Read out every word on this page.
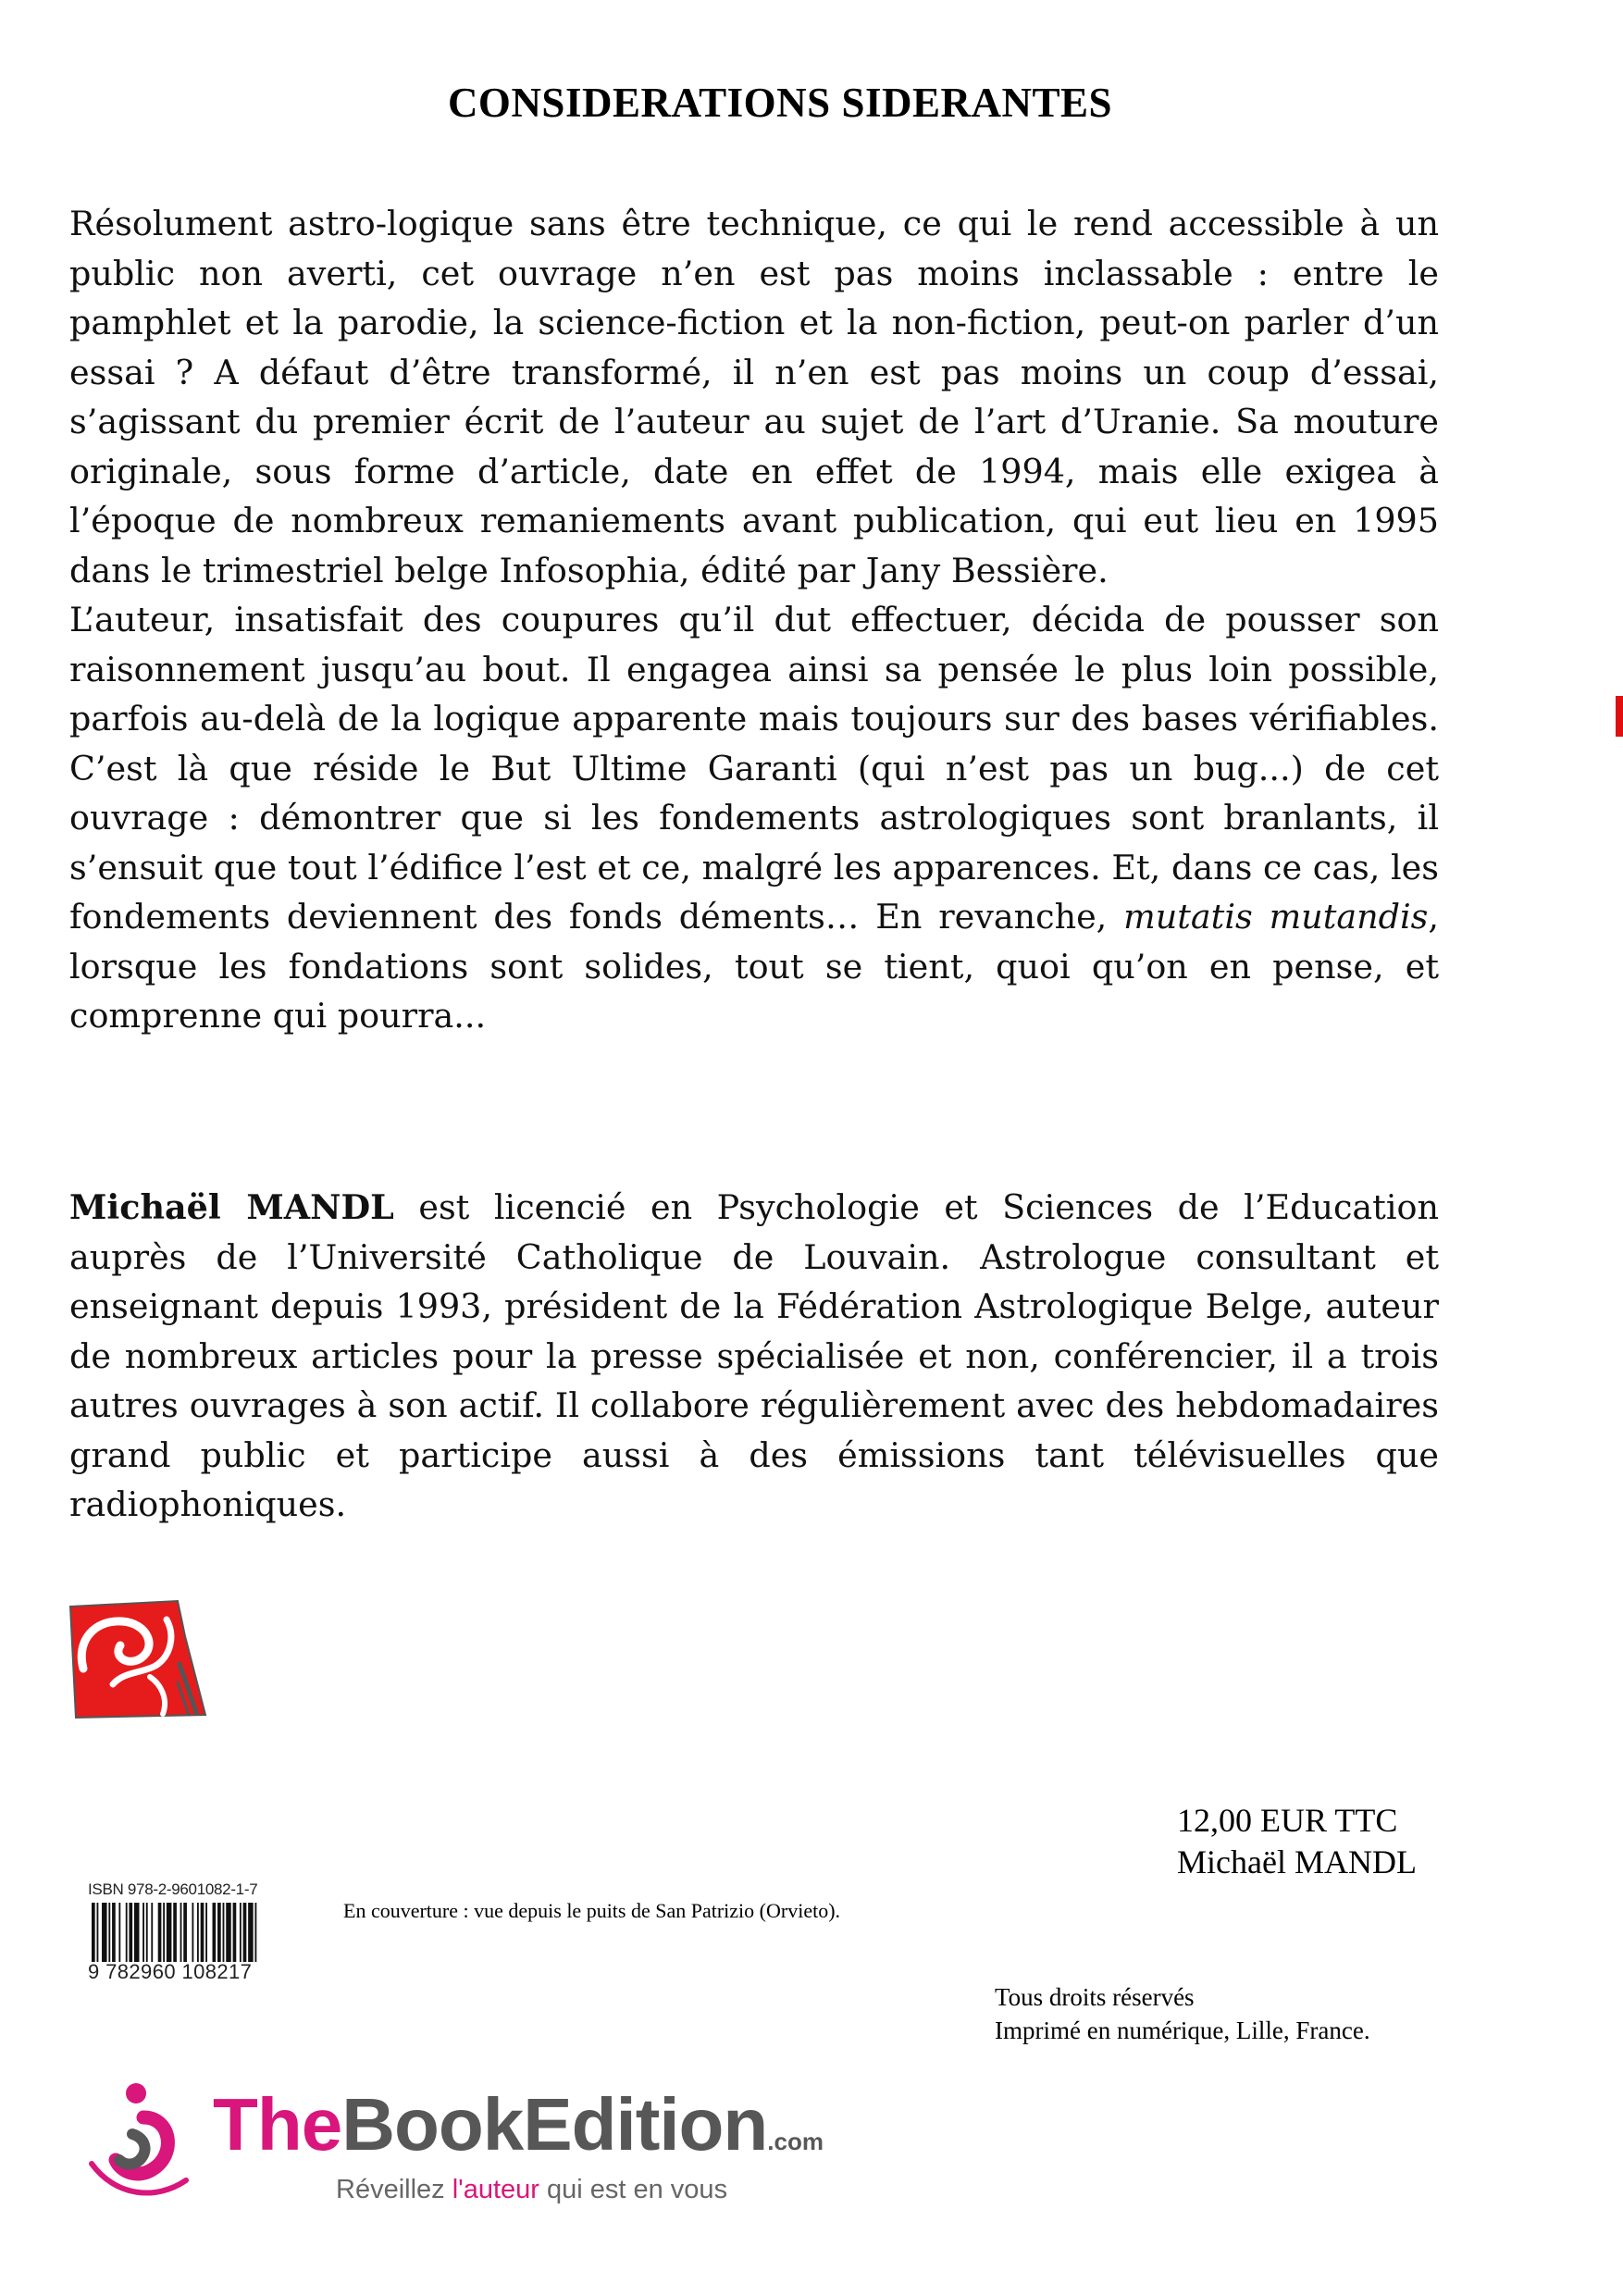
CONSIDERATIONS SIDERANTES

Résolument astro-logique sans être technique, ce qui le rend accessible à un public non averti, cet ouvrage n’en est pas moins inclassable : entre le pamphlet et la parodie, la science-fiction et la non-fiction, peut-on parler d’un essai ? A défaut d’être transformé, il n’en est pas moins un coup d’essai, s’agissant du premier écrit de l’auteur au sujet de l’art d’Uranie. Sa mouture originale, sous forme d’article, date en effet de 1994, mais elle exigea à l’époque de nombreux remaniements avant publication, qui eut lieu en 1995 dans le trimestriel belge Infosophia, édité par Jany Bessière.

L’auteur, insatisfait des coupures qu’il dut effectuer, décida de pousser son raisonnement jusqu’au bout. Il engagea ainsi sa pensée le plus loin possible, parfois au-delà de la logique apparente mais toujours sur des bases vérifiables. C’est là que réside le But Ultime Garanti (qui n’est pas un bug...) de cet ouvrage : démontrer que si les fondements astrologiques sont branlants, il s’ensuit que tout l’édifice l’est et ce, malgré les apparences. Et, dans ce cas, les fondements deviennent des fonds déments… En revanche, mutatis mutandis, lorsque les fondations sont solides, tout se tient, quoi qu’on en pense, et comprenne qui pourra...

Michaël MANDL est licencié en Psychologie et Sciences de l’Education auprès de l’Université Catholique de Louvain. Astrologue consultant et enseignant depuis 1993, président de la Fédération Astrologique Belge, auteur de nombreux articles pour la presse spécialisée et non, conférencier, il a trois autres ouvrages à son actif. Il collabore régulièrement avec des hebdomadaires grand public et participe aussi à des émissions tant télévisuelles que radiophoniques.

12,00 EUR TTC
Michaël MANDL
ISBN 978-2-9601082-1-7
9 782960 108217
En couverture : vue depuis le puits de San Patrizio (Orvieto).
Tous droits réservés
Imprimé en numérique, Lille, France.
TheBookEdition.com
Réveillez l'auteur qui est en vous
